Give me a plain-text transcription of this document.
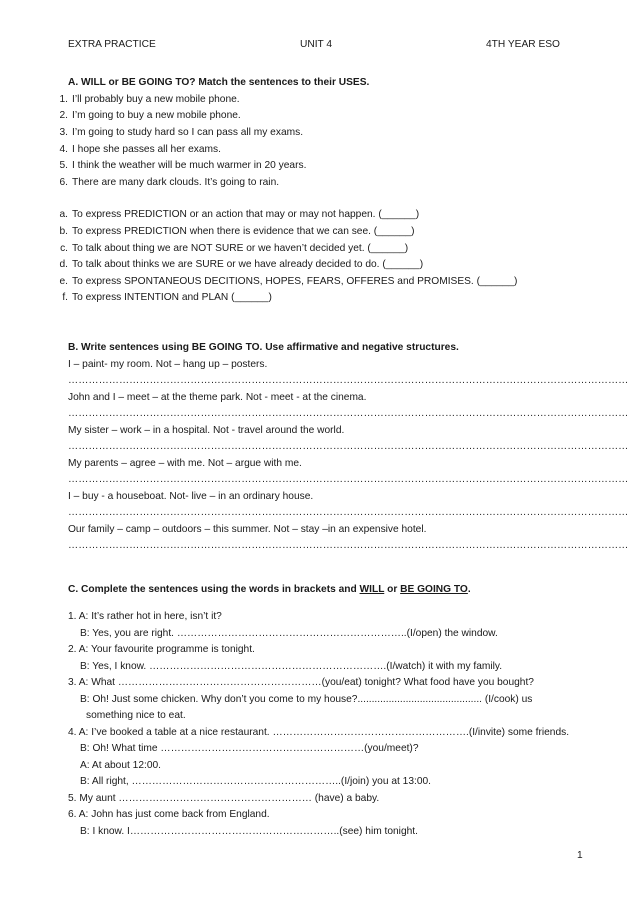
EXTRA PRACTICE	UNIT 4	4TH YEAR ESO
A. WILL or BE GOING TO? Match the sentences to their USES.
1. I’ll probably buy a new mobile phone.
2. I’m going to buy a new mobile phone.
3. I’m going to study hard so I can pass all my exams.
4. I hope she passes all her exams.
5. I think the weather will be much warmer in 20 years.
6. There are many dark clouds. It’s going to rain.
a. To express PREDICTION or an action that may or may not happen. (______)
b. To express PREDICTION when there is evidence that we can see. (______)
c. To talk about thing we are NOT SURE or we haven’t decided yet. (______)
d. To talk about thinks we are SURE or we have already decided to do. (______)
e. To express SPONTANEOUS DECITIONS, HOPES, FEARS, OFFERES and PROMISES. (______)
f. To express INTENTION and PLAN (______)
B. Write sentences using BE GOING TO. Use affirmative and negative structures.
I – paint- my room. Not – hang up – posters.
…………………………………………………………………………………………………………………………………………………
John and I – meet – at the theme park. Not - meet - at the cinema.
…………………………………………………………………………………………………………………………………………………
My sister – work – in a hospital. Not - travel around the world.
…………………………………………………………………………………………………………………………………………………
My parents – agree – with me. Not – argue with me.
…………………………………………………………………………………………………………………………………………………
I – buy - a houseboat. Not- live – in an ordinary house.
…………………………………………………………………………………………………………………………………………………
Our family – camp – outdoors – this summer. Not – stay –in an expensive hotel.
…………………………………………………………………………………………………………………………………………………
C. Complete the sentences using the words in brackets and WILL or BE GOING TO.
1. A: It’s rather hot in here, isn’t it?
B: Yes, you are right. …………………………………………………………..(I/open) the window.
2. A: Your favourite programme is tonight.
B: Yes, I know. …………………………………………………………….(I/watch) it with my family.
3. A: What ……………………………………………………(you/eat) tonight? What food have you bought?
B: Oh! Just some chicken. Why don’t you come to my house?............................................ (I/cook) us
something nice to eat.
4. A: I’ve booked a table at a nice restaurant. ………………………………………………….(I/invite) some friends.
B: Oh! What time ……………………………………………………(you/meet)?
A: At about 12:00.
B: All right, ……………………………………………………..(I/join) you at 13:00.
5. My aunt ………………………………………………… (have) a baby.
6. A: John has just come back from England.
B: I know. I……………………………………………………..(see) him tonight.
1
